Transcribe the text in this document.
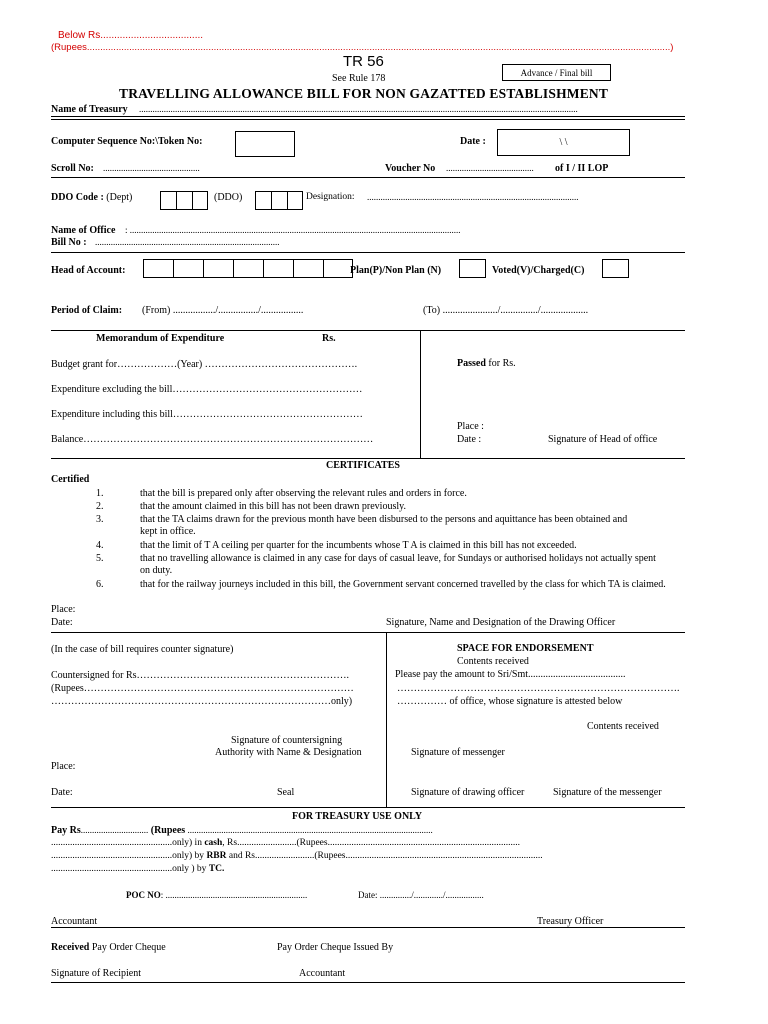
Below Rs.....................................
(Rupees.............................................................................................................................................................................................................................)
TR 56
See Rule 178	Advance / Final bill
TRAVELLING ALLOWANCE BILL FOR NON GAZATTED ESTABLISHMENT
Name of Treasury ...................................................................................................................................................................................................
Computer Sequence No:\Token No:	Date :	\ \
Scroll No: ...........................................	Voucher No ....................................... of I / II LOP
DDO Code : (Dept)	(DDO)	Designation: ..............................................................................................
Name of Office : ...................................................................................................................................................
Bill No : ..................................................................................
Head of Account:	Plan(P)/Non Plan (N)	Voted(V)/Charged(C)
Period of Claim: (From) ................./................/.................	(To) ....................../.............../...................
Memorandum of Expenditure	Rs.
Budget grant for………………(Year) ……………………………………….
Expenditure excluding the bill…………………………………………………
Expenditure including this bill…………………………………………………
Balance……………………………………………………………………………
Passed for Rs.
Place :
Date :	Signature of Head of office
CERTIFICATES
Certified
1.	that the bill is prepared only after observing the relevant rules and orders in force.
2.	that the amount claimed in this bill has not been drawn previously.
3.	that the TA claims drawn for the previous month have been disbursed to the persons and aquittance has been obtained and kept in office.
4.	that the limit of T A ceiling per quarter for the incumbents whose T A is claimed in this bill has not exceeded.
5.	that no travelling allowance is claimed in any case for days of casual leave, for Sundays or authorised holidays not actually spent on duty.
6.	that for the railway journeys included in this bill, the Government servant concerned travelled by the class for which TA is claimed.
Place:
Date:	Signature, Name and Designation of the Drawing Officer
(In the case of bill requires counter signature)
Countersigned for Rs……………………………………………………….
(Rupees………………………………………………………………………
…………………………………………………………………………only)
Signature of countersigning
Authority with Name & Designation
Place:
Date:	Seal
SPACE FOR ENDORSEMENT
Contents received
Please pay the amount to Sri/Smt.......................................
………………………………………………………………………….
…………… of office, whose signature is attested below
Contents received
Signature of messenger
Signature of drawing officer	Signature of the messenger
FOR TREASURY USE ONLY
Pay Rs.............................. (Rupees .............................................................................................................
...................................................only) in cash, Rs.........................(Rupees.................................................................................
...................................................only) by RBR and Rs.........................(Rupees...................................................................................
...................................................only ) by TC.
POC NO: ...............................................................	Date: ............../............./.................
Accountant	Treasury Officer
Received Pay Order Cheque	Pay Order Cheque Issued By
Signature of Recipient	Accountant
